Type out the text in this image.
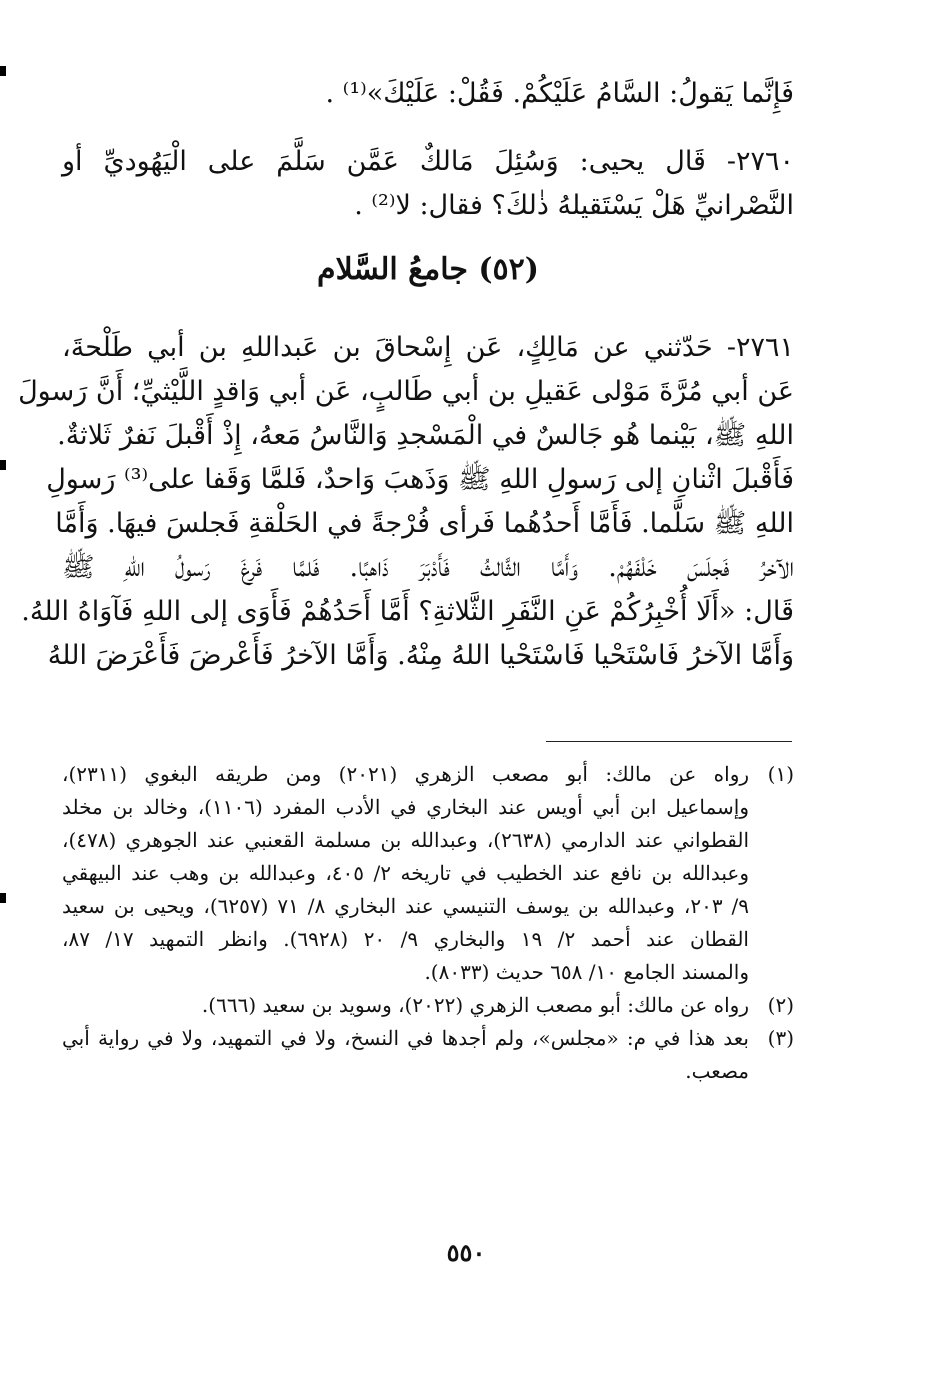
فَإِنَّما يَقولُ: السَّامُ عَلَيْكُمْ. فَقُلْ: عَلَيْكَ»⁽¹⁾ .
٢٧٦٠- قَال يحيى: وَسُئِلَ مَالكٌ عَمَّن سَلَّمَ على الْيَهُوديِّ أو
النَّصْرانيِّ هَلْ يَسْتَقيلهُ ذٰلكَ؟ فقال: لا⁽²⁾ .
(٥٢) جامعُ السَّلام
٢٧٦١- حَدّثني عن مَالِكٍ، عَن إِسْحاقَ بن عَبداللهِ بن أبي طَلْحةَ،
عَن أبي مُرَّةَ مَوْلى عَقيلِ بن أبي طَالبٍ، عَن أبي وَاقدٍ اللَّيْثيِّ؛ أَنَّ رَسولَ
اللهِ ﷺ، بَيْنما هُو جَالسٌ في الْمَسْجدِ وَالنَّاسُ مَعهُ، إِذْ أَقْبلَ نَفرٌ ثَلاثةٌ.
فَأَقْبلَ اثْنانِ إلى رَسولِ اللهِ ﷺ وَذَهبَ وَاحدٌ، فَلمَّا وَقَفا على⁽³⁾ رَسولِ
اللهِ ﷺ سَلَّما. فَأَمَّا أَحدُهُما فَرأى فُرْجةً في الحَلْقةِ فَجلسَ فيهَا. وَأَمَّا
الآخرُ فَجلَسَ خَلْفَهُمْ. وَأَمَّا الثَّالثُ فَأَدْبَرَ ذَاهبًا. فَلمَّا فَرغَ رَسولُ اللهِ ﷺ
قَال: «أَلَا أُخْبِرُكُمْ عَنِ النَّفَرِ الثَّلاثةِ؟ أَمَّا أَحَدُهُمْ فَأَوَى إلى اللهِ فَآوَاهُ اللهُ.
وَأَمَّا الآخرُ فَاسْتَحْيا فَاسْتَحْيا اللهُ مِنْهُ. وَأَمَّا الآخرُ فَأَعْرضَ فَأَعْرَضَ اللهُ
(١)
رواه عن مالك: أبو مصعب الزهري (٢٠٢١) ومن طريقه البغوي (٢٣١١)،
وإسماعيل ابن أبي أويس عند البخاري في الأدب المفرد (١١٠٦)، وخالد بن مخلد
القطواني عند الدارمي (٢٦٣٨)، وعبدالله بن مسلمة القعنبي عند الجوهري (٤٧٨)،
وعبدالله بن نافع عند الخطيب في تاريخه ٢/ ٤٠٥، وعبدالله بن وهب عند البيهقي
٩/ ٢٠٣، وعبدالله بن يوسف التنيسي عند البخاري ٨/ ٧١ (٦٢٥٧)، ويحيى بن سعيد
القطان عند أحمد ٢/ ١٩ والبخاري ٩/ ٢٠ (٦٩٢٨). وانظر التمهيد ١٧/ ٨٧،
والمسند الجامع ١٠/ ٦٥٨ حديث (٨٠٣٣).
(٢)
رواه عن مالك: أبو مصعب الزهري (٢٠٢٢)، وسويد بن سعيد (٦٦٦).
(٣)
بعد هذا في م: «مجلس»، ولم أجدها في النسخ، ولا في التمهيد، ولا في رواية أبي
مصعب.
٥٥٠
